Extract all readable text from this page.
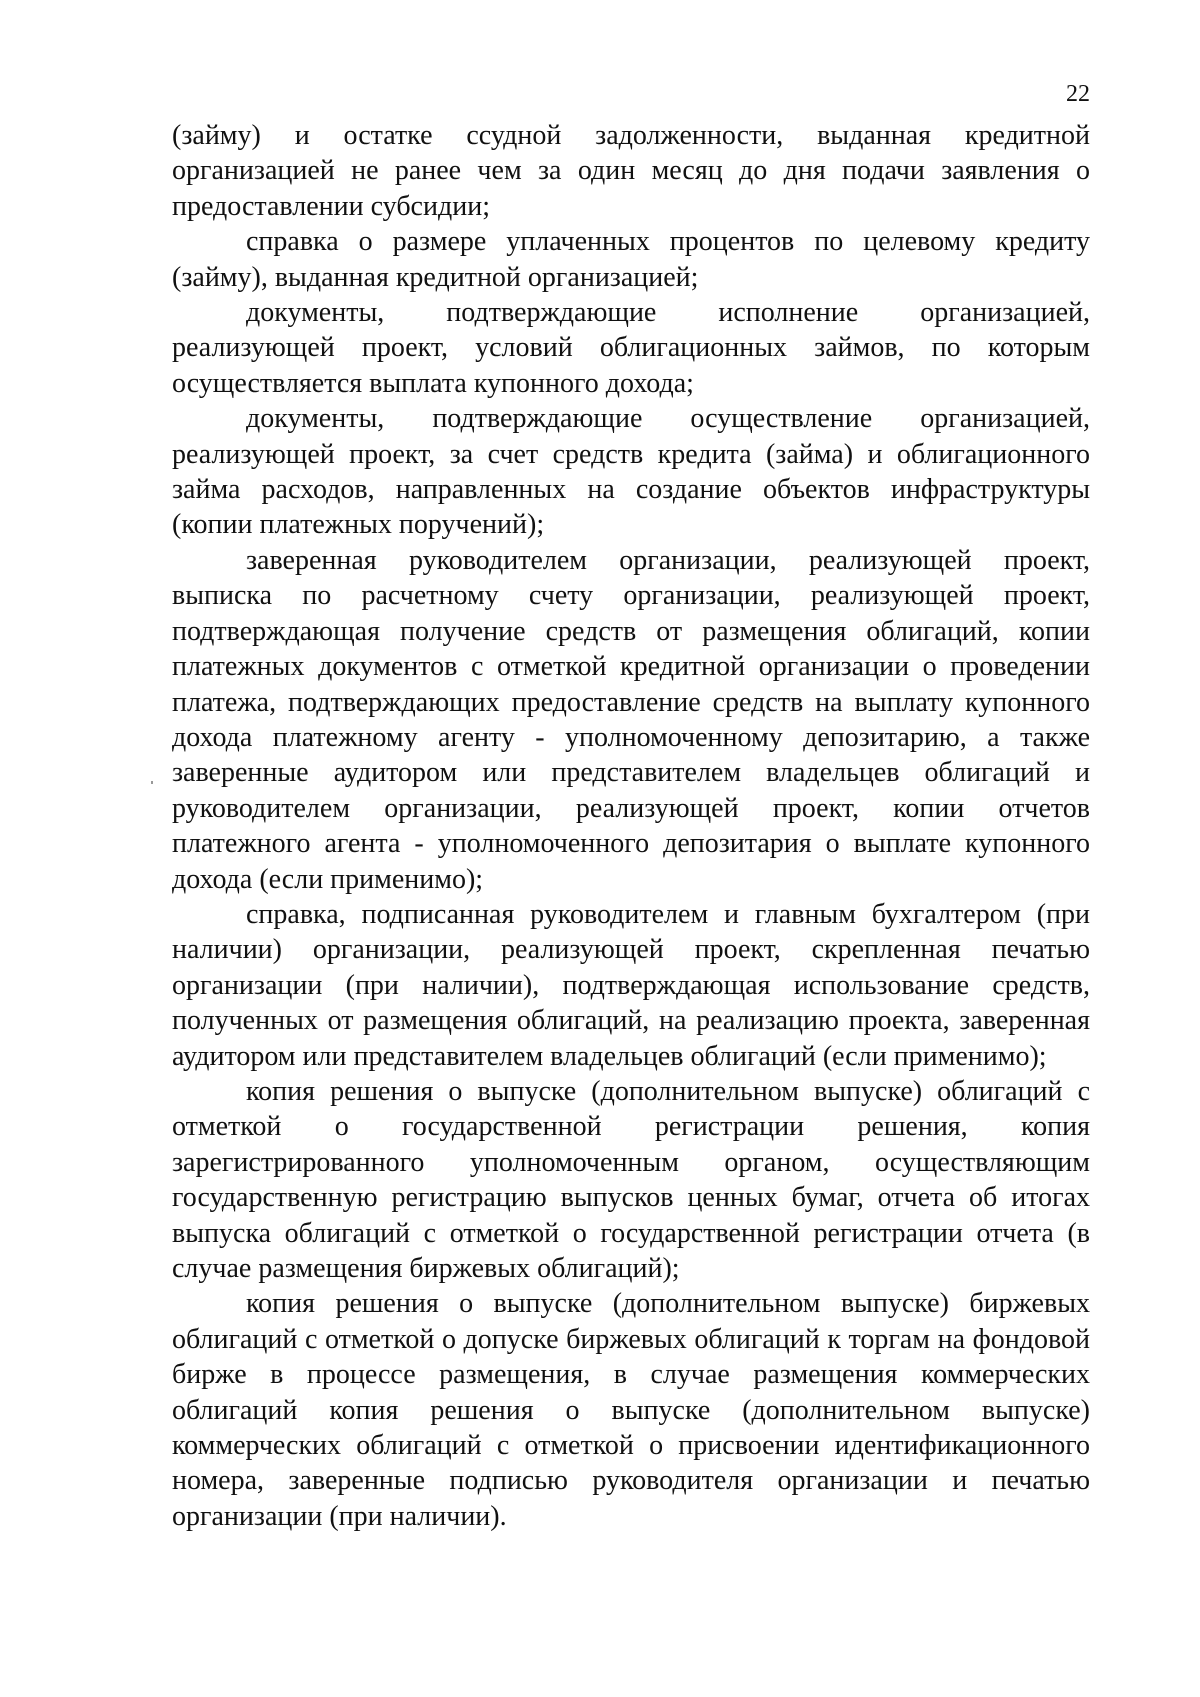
22

(займу) и остатке ссудной задолженности, выданная кредитной организацией не ранее чем за один месяц до дня подачи заявления о предоставлении субсидии;

справка о размере уплаченных процентов по целевому кредиту (займу), выданная кредитной организацией;

документы, подтверждающие исполнение организацией, реализующей проект, условий облигационных займов, по которым осуществляется выплата купонного дохода;

документы, подтверждающие осуществление организацией, реализующей проект, за счет средств кредита (займа) и облигационного займа расходов, направленных на создание объектов инфраструктуры (копии платежных поручений);

заверенная руководителем организации, реализующей проект, выписка по расчетному счету организации, реализующей проект, подтверждающая получение средств от размещения облигаций, копии платежных документов с отметкой кредитной организации о проведении платежа, подтверждающих предоставление средств на выплату купонного дохода платежному агенту - уполномоченному депозитарию, а также заверенные аудитором или представителем владельцев облигаций и руководителем организации, реализующей проект, копии отчетов платежного агента - уполномоченного депозитария о выплате купонного дохода (если применимо);

справка, подписанная руководителем и главным бухгалтером (при наличии) организации, реализующей проект, скрепленная печатью организации (при наличии), подтверждающая использование средств, полученных от размещения облигаций, на реализацию проекта, заверенная аудитором или представителем владельцев облигаций (если применимо);

копия решения о выпуске (дополнительном выпуске) облигаций с отметкой о государственной регистрации решения, копия зарегистрированного уполномоченным органом, осуществляющим государственную регистрацию выпусков ценных бумаг, отчета об итогах выпуска облигаций с отметкой о государственной регистрации отчета (в случае размещения биржевых облигаций);

копия решения о выпуске (дополнительном выпуске) биржевых облигаций с отметкой о допуске биржевых облигаций к торгам на фондовой бирже в процессе размещения, в случае размещения коммерческих облигаций копия решения о выпуске (дополнительном выпуске) коммерческих облигаций с отметкой о присвоении идентификационного номера, заверенные подписью руководителя организации и печатью организации (при наличии).
